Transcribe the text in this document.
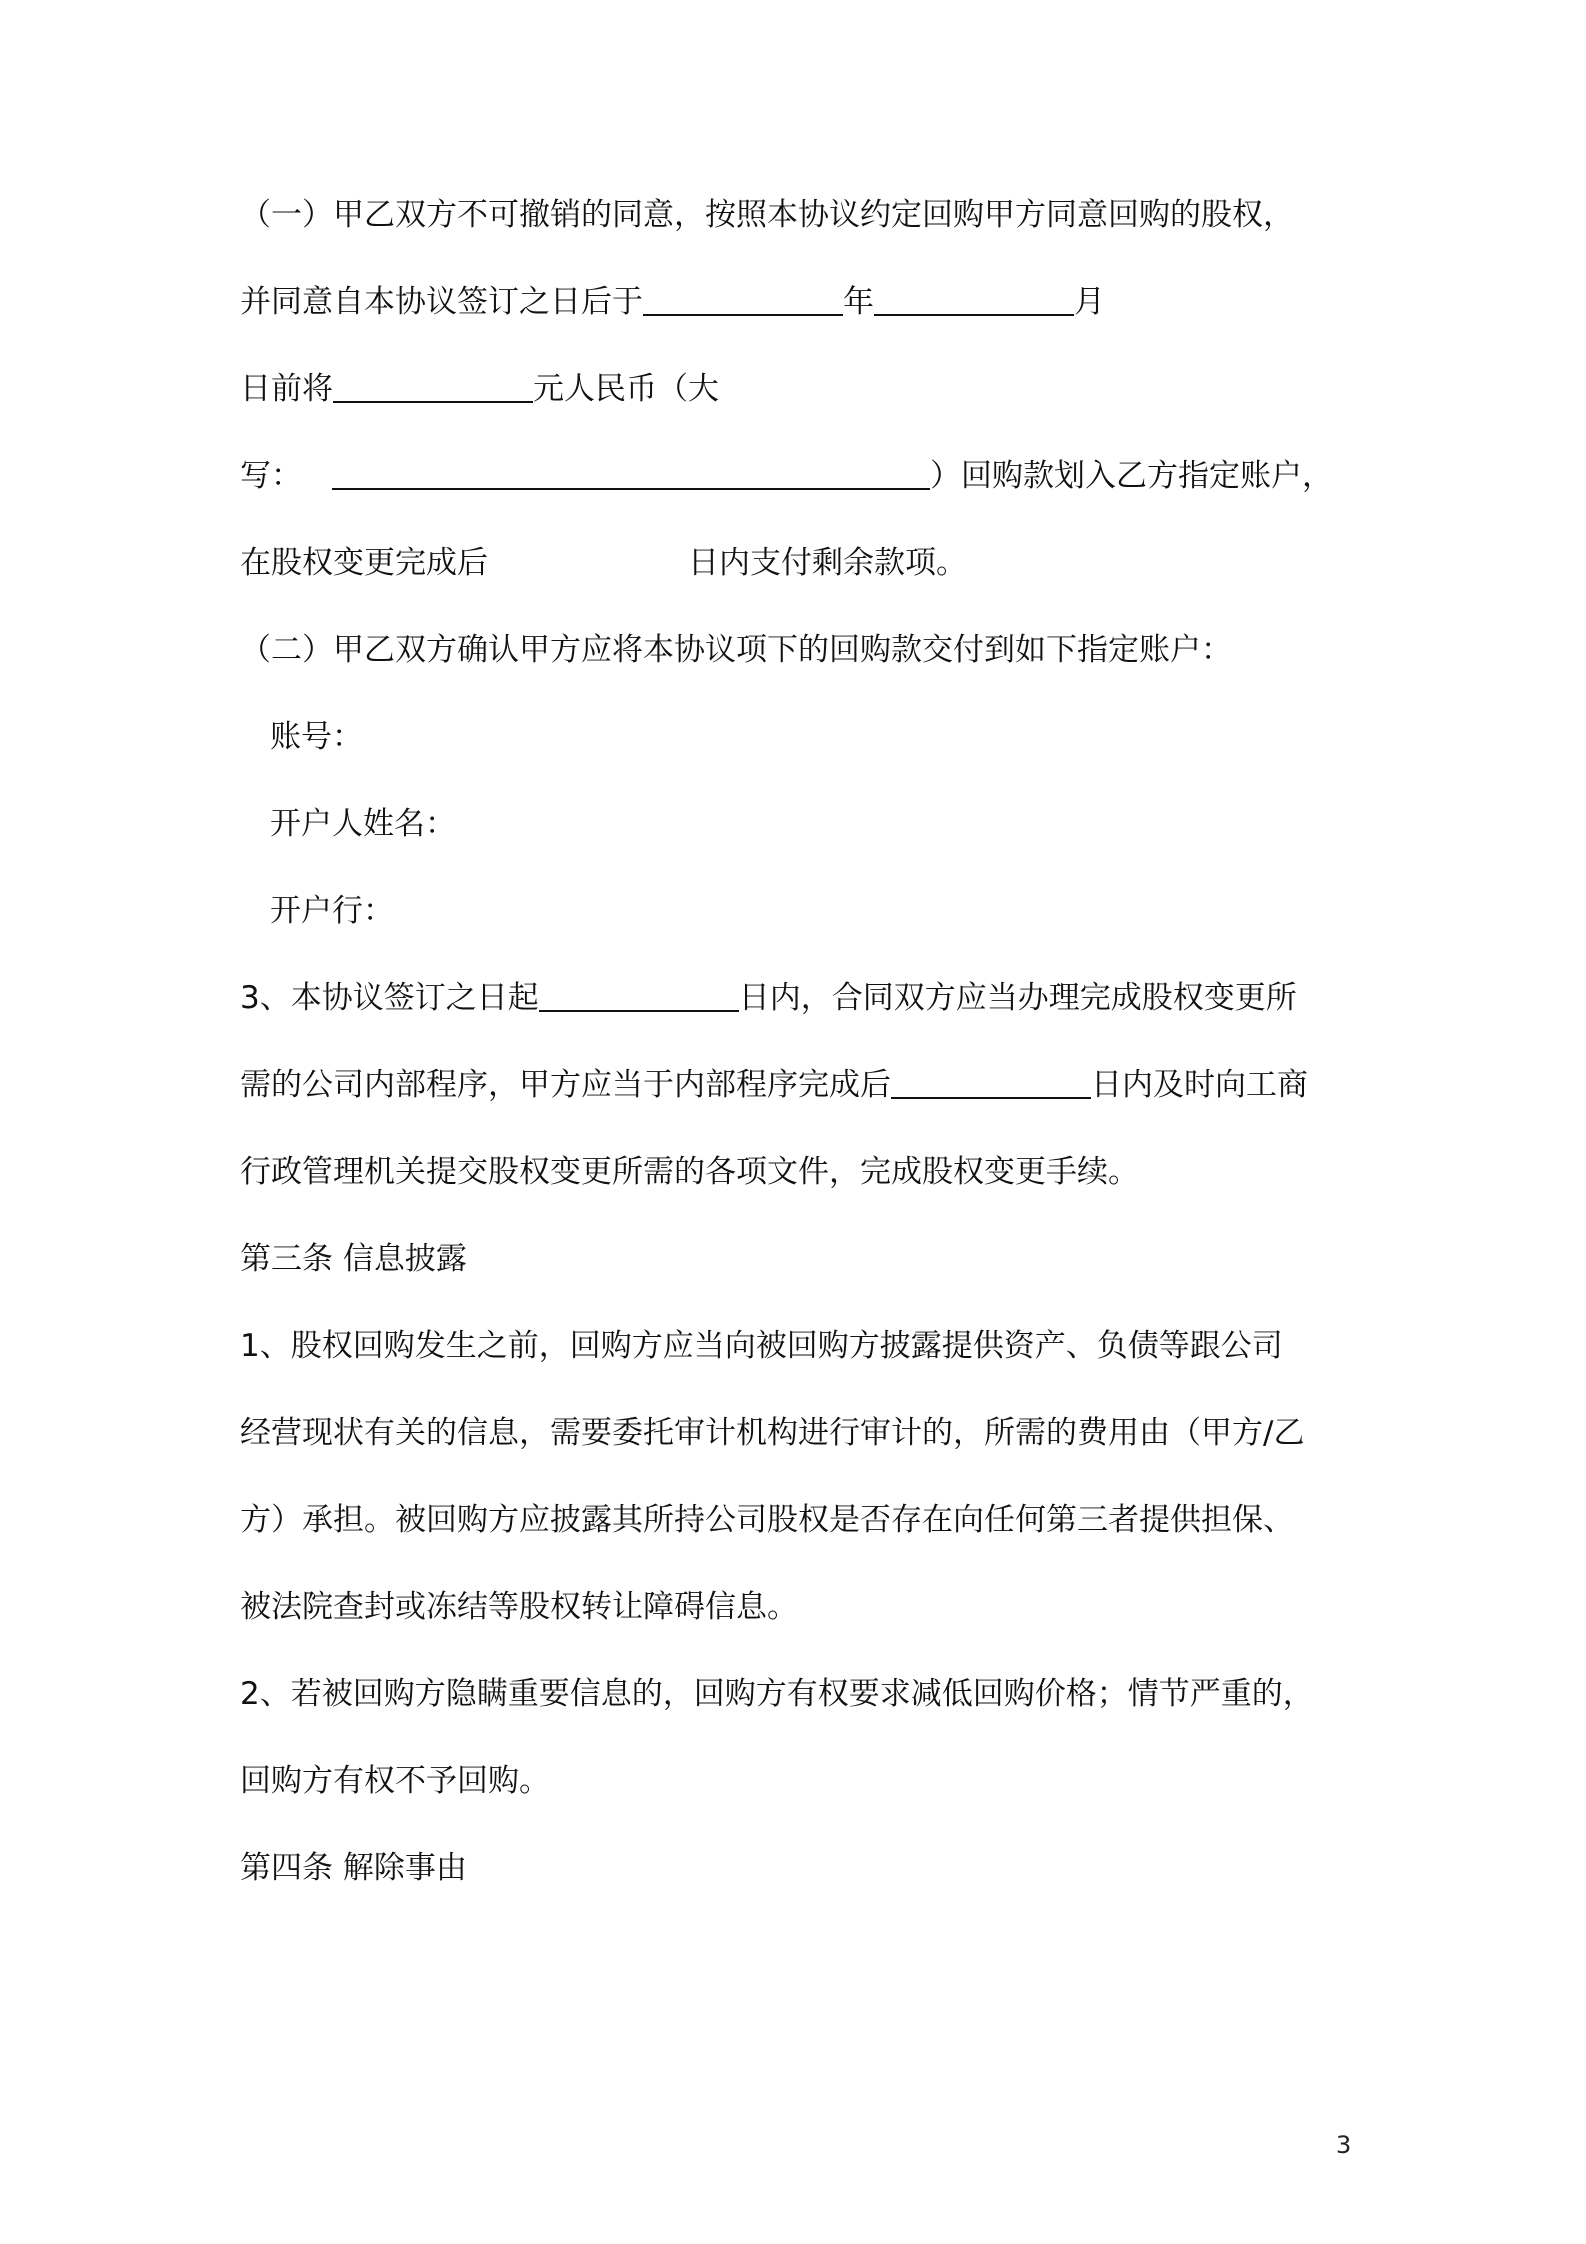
（一）甲乙双方不可撤销的同意，按照本协议约定回购甲方同意回购的股权，
并同意自本协议签订之日后于	年	月
日前将	元人民币（大
写：	）回购款划入乙方指定账户，
在股权变更完成后	日内支付剩余款项。
（二）甲乙双方确认甲方应将本协议项下的回购款交付到如下指定账户：
账号：
开户人姓名：
开户行：
3、本协议签订之日起	日内，合同双方应当办理完成股权变更所
需的公司内部程序，甲方应当于内部程序完成后	日内及时向工商
行政管理机关提交股权变更所需的各项文件，完成股权变更手续。
第三条 信息披露
1、股权回购发生之前，回购方应当向被回购方披露提供资产、负债等跟公司
经营现状有关的信息，需要委托审计机构进行审计的，所需的费用由（甲方/乙
方）承担。被回购方应披露其所持公司股权是否存在向任何第三者提供担保、
被法院查封或冻结等股权转让障碍信息。
2、若被回购方隐瞒重要信息的，回购方有权要求减低回购价格；情节严重的，
回购方有权不予回购。
第四条 解除事由
3
